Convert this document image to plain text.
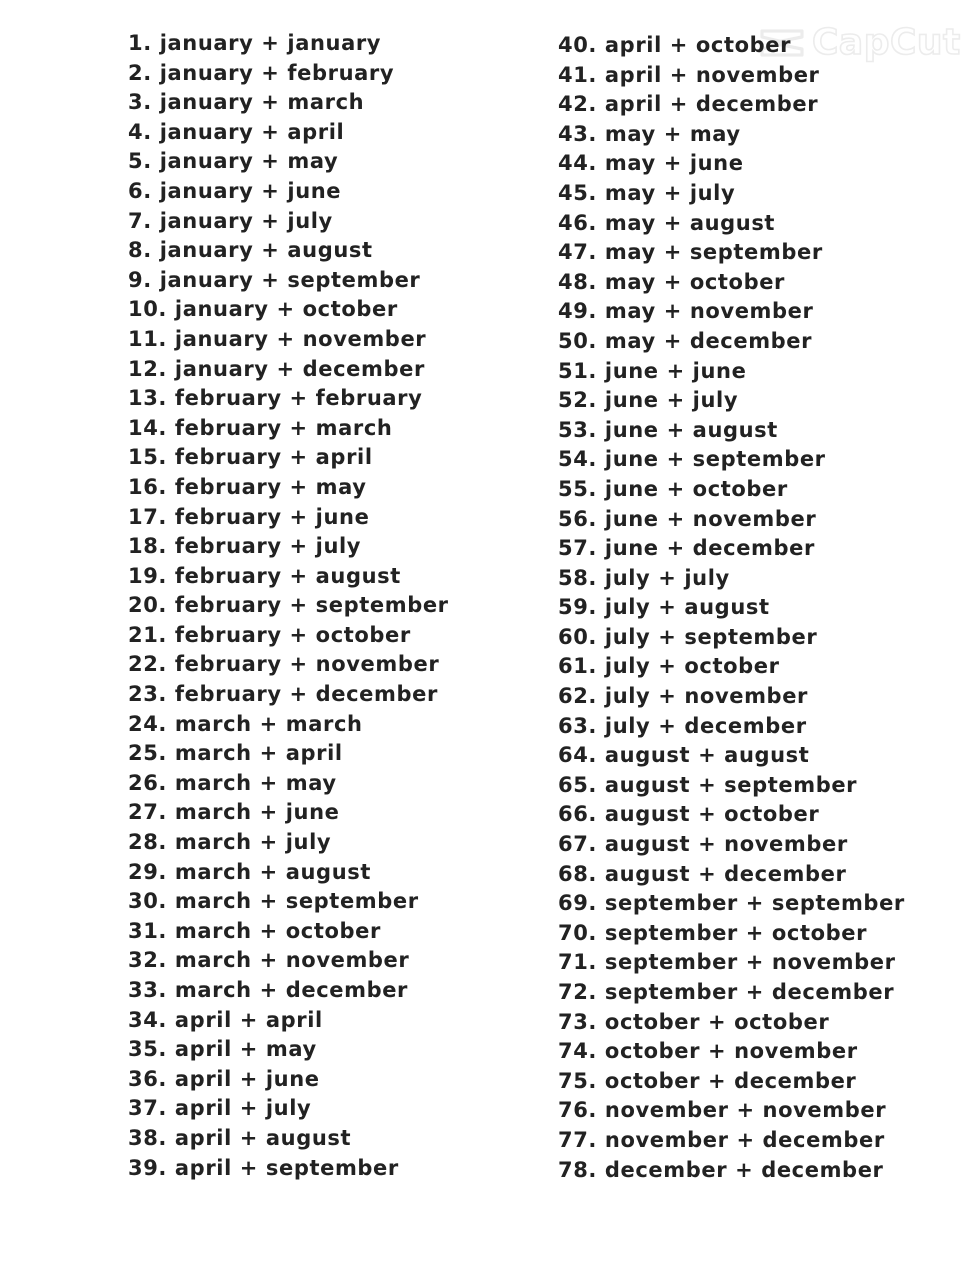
CapCut
1. january + january
2. january + february
3. january + march
4. january + april
5. january + may
6. january + june
7. january + july
8. january + august
9. january + september
10. january + october
11. january + november
12. january + december
13. february + february
14. february + march
15. february + april
16. february + may
17. february + june
18. february + july
19. february + august
20. february + september
21. february + october
22. february + november
23. february + december
24. march + march
25. march + april
26. march + may
27. march + june
28. march + july
29. march + august
30. march + september
31. march + october
32. march + november
33. march + december
34. april + april
35. april + may
36. april + june
37. april + july
38. april + august
39. april + september
40. april + october
41. april + november
42. april + december
43. may + may
44. may + june
45. may + july
46. may + august
47. may + september
48. may + october
49. may + november
50. may + december
51. june + june
52. june + july
53. june + august
54. june + september
55. june + october
56. june + november
57. june + december
58. july + july
59. july + august
60. july + september
61. july + october
62. july + november
63. july + december
64. august + august
65. august + september
66. august + october
67. august + november
68. august + december
69. september + september
70. september + october
71. september + november
72. september + december
73. october + october
74. october + november
75. october + december
76. november + november
77. november + december
78. december + december
